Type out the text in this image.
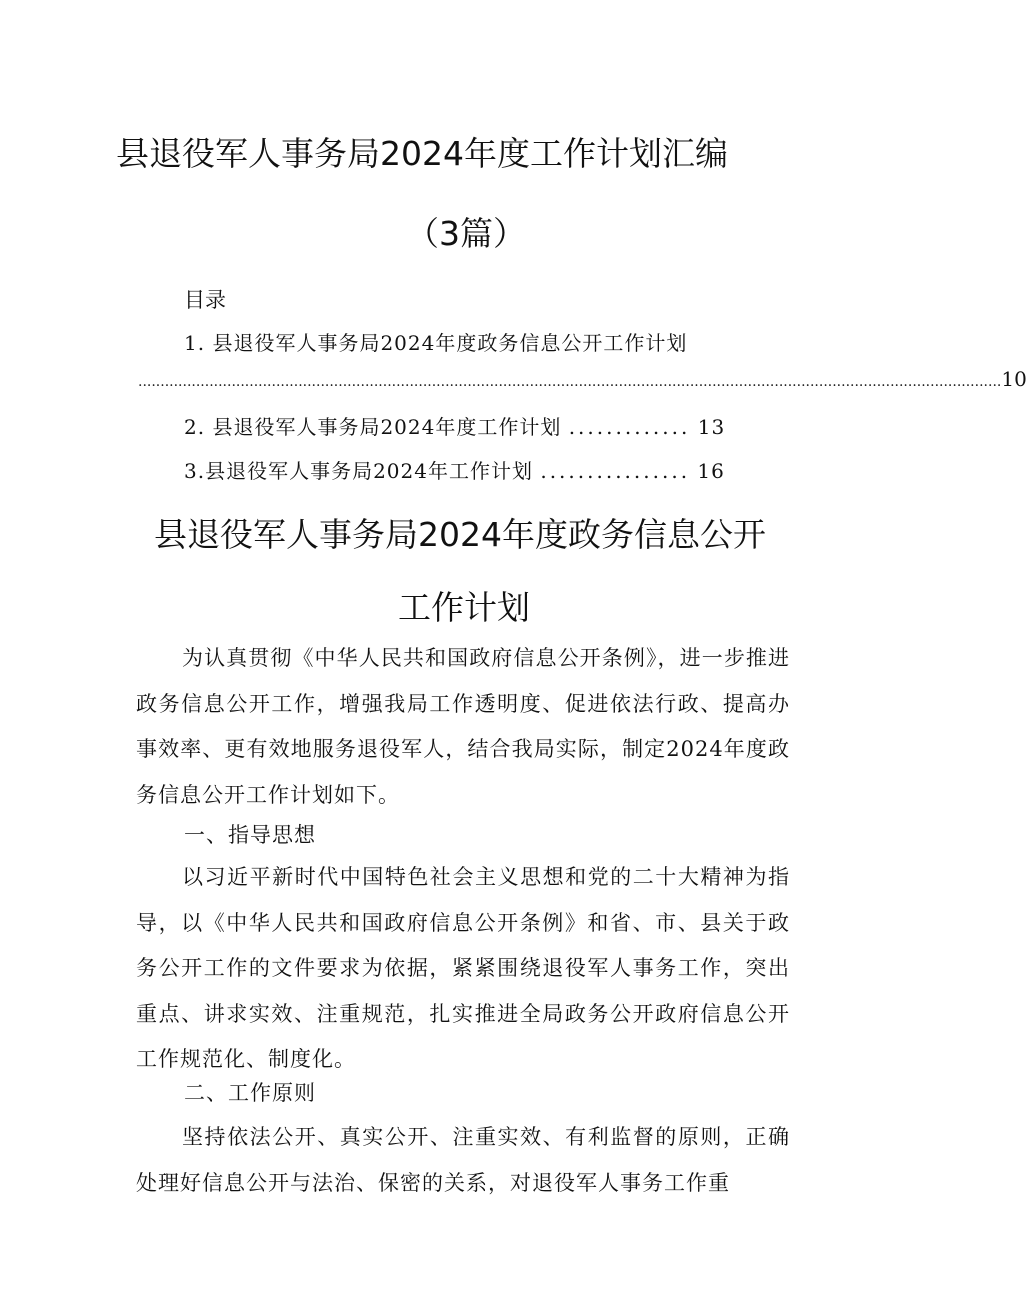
县退役军人事务局2024年度工作计划汇编
（3篇）
目录
1. 县退役军人事务局2024年度政务信息公开工作计划
.................................................................................................................................................................................................. 10
2. 县退役军人事务局2024年度工作计划 ............. 13
3.县退役军人事务局2024年工作计划 ................ 16
县退役军人事务局2024年度政务信息公开
工作计划

为认真贯彻《中华人民共和国政府信息公开条例》，进一步推进政务信息公开工作，增强我局工作透明度、促进依法行政、提高办事效率、更有效地服务退役军人，结合我局实际，制定2024年度政务信息公开工作计划如下。

一、指导思想

以习近平新时代中国特色社会主义思想和党的二十大精神为指导，以《中华人民共和国政府信息公开条例》和省、市、县关于政务公开工作的文件要求为依据，紧紧围绕退役军人事务工作，突出重点、讲求实效、注重规范，扎实推进全局政务公开政府信息公开工作规范化、制度化。

二、工作原则

坚持依法公开、真实公开、注重实效、有利监督的原则，正确处理好信息公开与法治、保密的关系，对退役军人事务工作重
